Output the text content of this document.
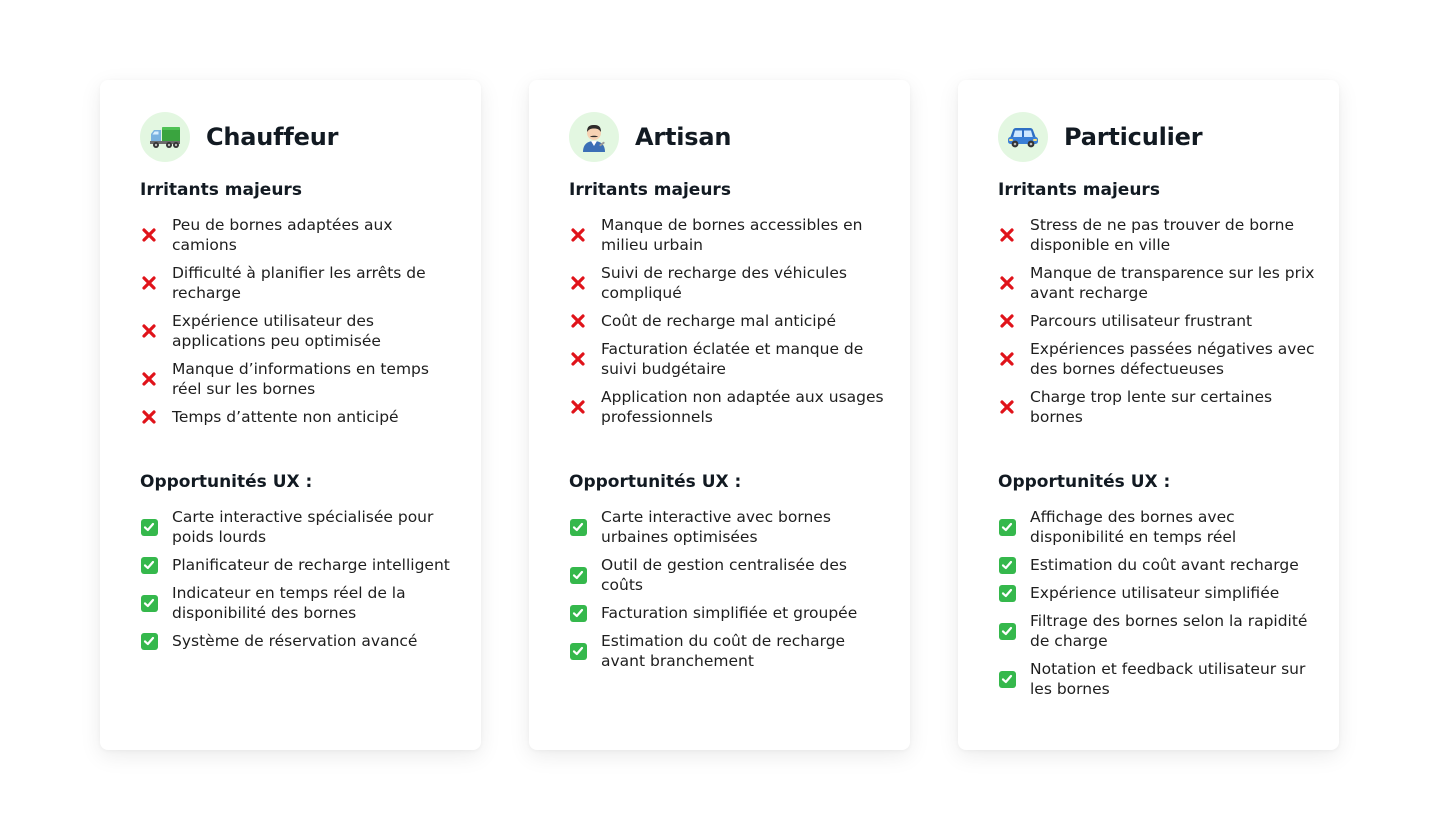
Chauffeur
Irritants majeurs
Peu de bornes adaptées aux camions
Difficulté à planifier les arrêts de recharge
Expérience utilisateur des applications peu optimisée
Manque d’informations en temps réel sur les bornes
Temps d’attente non anticipé
Opportunités UX :
Carte interactive spécialisée pour poids lourds
Planificateur de recharge intelligent
Indicateur en temps réel de la disponibilité des bornes
Système de réservation avancé
Artisan
Irritants majeurs
Manque de bornes accessibles en milieu urbain
Suivi de recharge des véhicules compliqué
Coût de recharge mal anticipé
Facturation éclatée et manque de suivi budgétaire
Application non adaptée aux usages professionnels
Opportunités UX :
Carte interactive avec bornes urbaines optimisées
Outil de gestion centralisée des coûts
Facturation simplifiée et groupée
Estimation du coût de recharge avant branchement
Particulier
Irritants majeurs
Stress de ne pas trouver de borne disponible en ville
Manque de transparence sur les prix avant recharge
Parcours utilisateur frustrant
Expériences passées négatives avec des bornes défectueuses
Charge trop lente sur certaines bornes
Opportunités UX :
Affichage des bornes avec disponibilité en temps réel
Estimation du coût avant recharge
Expérience utilisateur simplifiée
Filtrage des bornes selon la rapidité de charge
Notation et feedback utilisateur sur les bornes
